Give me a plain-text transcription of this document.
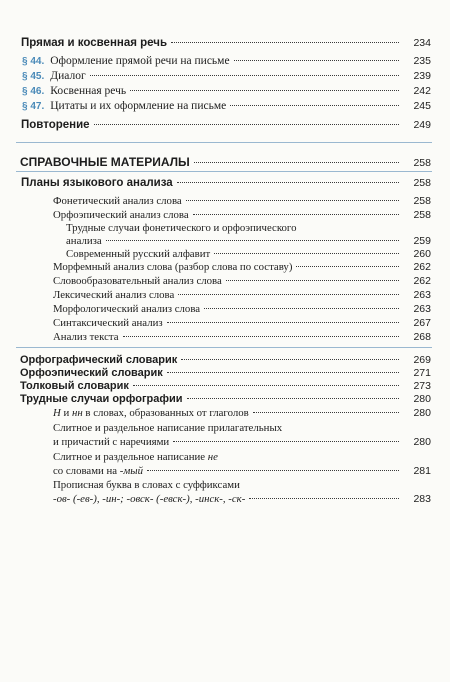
Прямая и косвенная речь	234
§ 44. Оформление прямой речи на письме	235
§ 45. Диалог	239
§ 46. Косвенная речь	242
§ 47. Цитаты и их оформление на письме	245
Повторение	249
СПРАВОЧНЫЕ МАТЕРИАЛЫ	258
Планы языкового анализа	258
Фонетический анализ слова	258
Орфоэпический анализ слова	258
Трудные случаи фонетического и орфоэпического
анализа	259
Современный русский алфавит	260
Морфемный анализ слова (разбор слова по составу)	262
Словообразовательный анализ слова	262
Лексический анализ слова	263
Морфологический анализ слова	263
Синтаксический анализ	267
Анализ текста	268
Орфографический словарик	269
Орфоэпический словарик	271
Толковый словарик	273
Трудные случаи орфографии	280
Н и нн в словах, образованных от глаголов	280
Слитное и раздельное написание прилагательных
и причастий с наречиями	280
Слитное и раздельное написание не
со словами на -мый	281
Прописная буква в словах с суффиксами
-ов- (-ев-), -ин-; -овск- (-евск-), -инск-, -ск-	283
